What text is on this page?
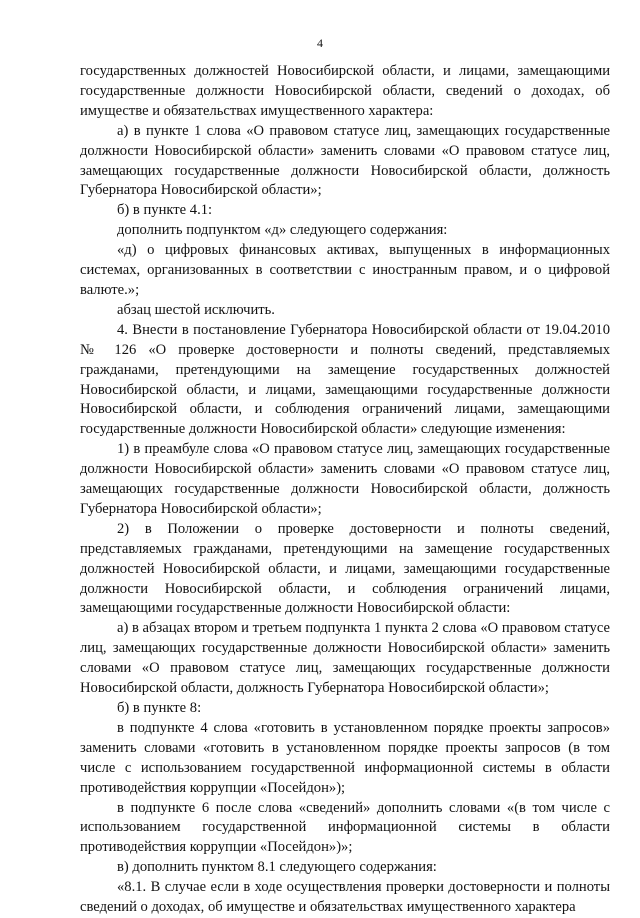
4

государственных должностей Новосибирской области, и лицами, замещающими государственные должности Новосибирской области, сведений о доходах, об имуществе и обязательствах имущественного характера:

а) в пункте 1 слова «О правовом статусе лиц, замещающих государственные должности Новосибирской области» заменить словами «О правовом статусе лиц, замещающих государственные должности Новосибирской области, должность Губернатора Новосибирской области»;

б) в пункте 4.1:

дополнить подпунктом «д» следующего содержания:

«д) о цифровых финансовых активах, выпущенных в информационных системах, организованных в соответствии с иностранным правом, и о цифровой валюте.»;

абзац шестой исключить.

4. Внести в постановление Губернатора Новосибирской области от 19.04.2010 № 126 «О проверке достоверности и полноты сведений, представляемых гражданами, претендующими на замещение государственных должностей Новосибирской области, и лицами, замещающими государственные должности Новосибирской области, и соблюдения ограничений лицами, замещающими государственные должности Новосибирской области» следующие изменения:

1) в преамбуле слова «О правовом статусе лиц, замещающих государственные должности Новосибирской области» заменить словами «О правовом статусе лиц, замещающих государственные должности Новосибирской области, должность Губернатора Новосибирской области»;

2) в Положении о проверке достоверности и полноты сведений, представляемых гражданами, претендующими на замещение государственных должностей Новосибирской области, и лицами, замещающими государственные должности Новосибирской области, и соблюдения ограничений лицами, замещающими государственные должности Новосибирской области:

а) в абзацах втором и третьем подпункта 1 пункта 2 слова «О правовом статусе лиц, замещающих государственные должности Новосибирской области» заменить словами «О правовом статусе лиц, замещающих государственные должности Новосибирской области, должность Губернатора Новосибирской области»;

б) в пункте 8:

в подпункте 4 слова «готовить в установленном порядке проекты запросов» заменить словами «готовить в установленном порядке проекты запросов (в том числе с использованием государственной информационной системы в области противодействия коррупции «Посейдон»);

в подпункте 6 после слова «сведений» дополнить словами «(в том числе с использованием государственной информационной системы в области противодействия коррупции «Посейдон»)»;

в) дополнить пунктом 8.1 следующего содержания:

«8.1. В случае если в ходе осуществления проверки достоверности и полноты сведений о доходах, об имуществе и обязательствах имущественного характера
